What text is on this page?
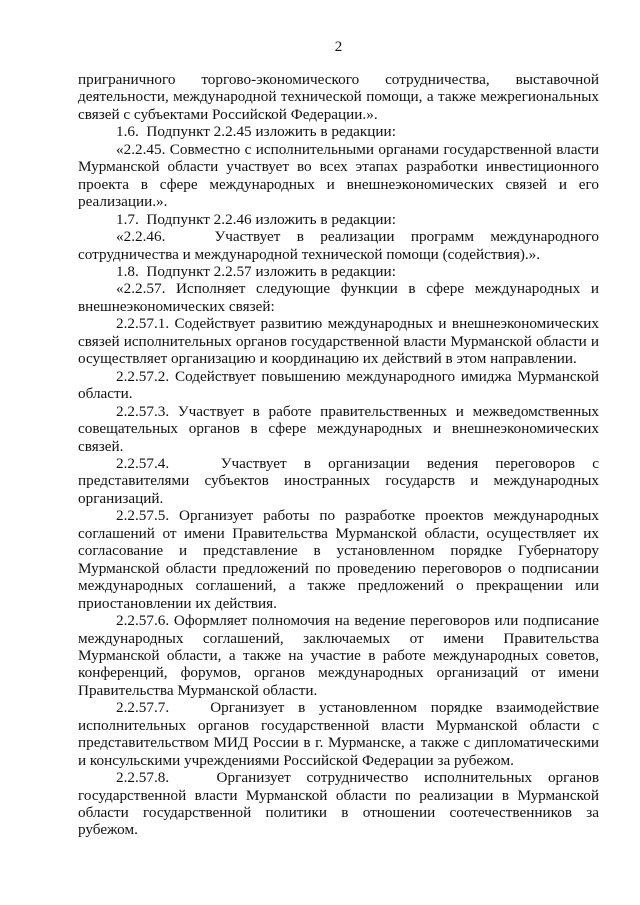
2

приграничного торгово-экономического сотрудничества, выставочной деятельности, международной технической помощи, а также межрегиональных связей с субъектами Российской Федерации.».

1.6.  Подпункт 2.2.45 изложить в редакции:

«2.2.45. Совместно с исполнительными органами государственной власти Мурманской области участвует во всех этапах разработки инвестиционного проекта в сфере международных и внешнеэкономических связей и его реализации.».

1.7.  Подпункт 2.2.46 изложить в редакции:

«2.2.46.   Участвует в реализации программ международного сотрудничества и международной технической помощи (содействия).».

1.8.  Подпункт 2.2.57 изложить в редакции:

«2.2.57. Исполняет следующие функции в сфере международных и внешнеэкономических связей:

2.2.57.1. Содействует развитию международных и внешнеэкономических связей исполнительных органов государственной власти Мурманской области и осуществляет организацию и координацию их действий в этом направлении.

2.2.57.2. Содействует повышению международного имиджа Мурманской области.

2.2.57.3. Участвует в работе правительственных и межведомственных совещательных органов в сфере международных и внешнеэкономических связей.

2.2.57.4.   Участвует в организации ведения переговоров с представителями субъектов иностранных государств и международных организаций.

2.2.57.5. Организует работы по разработке проектов международных соглашений от имени Правительства Мурманской области, осуществляет их согласование и представление в установленном порядке Губернатору Мурманской области предложений по проведению переговоров о подписании международных соглашений, а также предложений о прекращении или приостановлении их действия.

2.2.57.6. Оформляет полномочия на ведение переговоров или подписание международных соглашений, заключаемых от имени Правительства Мурманской области, а также на участие в работе международных советов, конференций, форумов, органов международных организаций от имени Правительства Мурманской области.

2.2.57.7.   Организует в установленном порядке взаимодействие исполнительных органов государственной власти Мурманской области с представительством МИД России в г. Мурманске, а также с дипломатическими и консульскими учреждениями Российской Федерации за рубежом.

2.2.57.8.   Организует сотрудничество исполнительных органов государственной власти Мурманской области по реализации в Мурманской области государственной политики в отношении соотечественников за рубежом.
